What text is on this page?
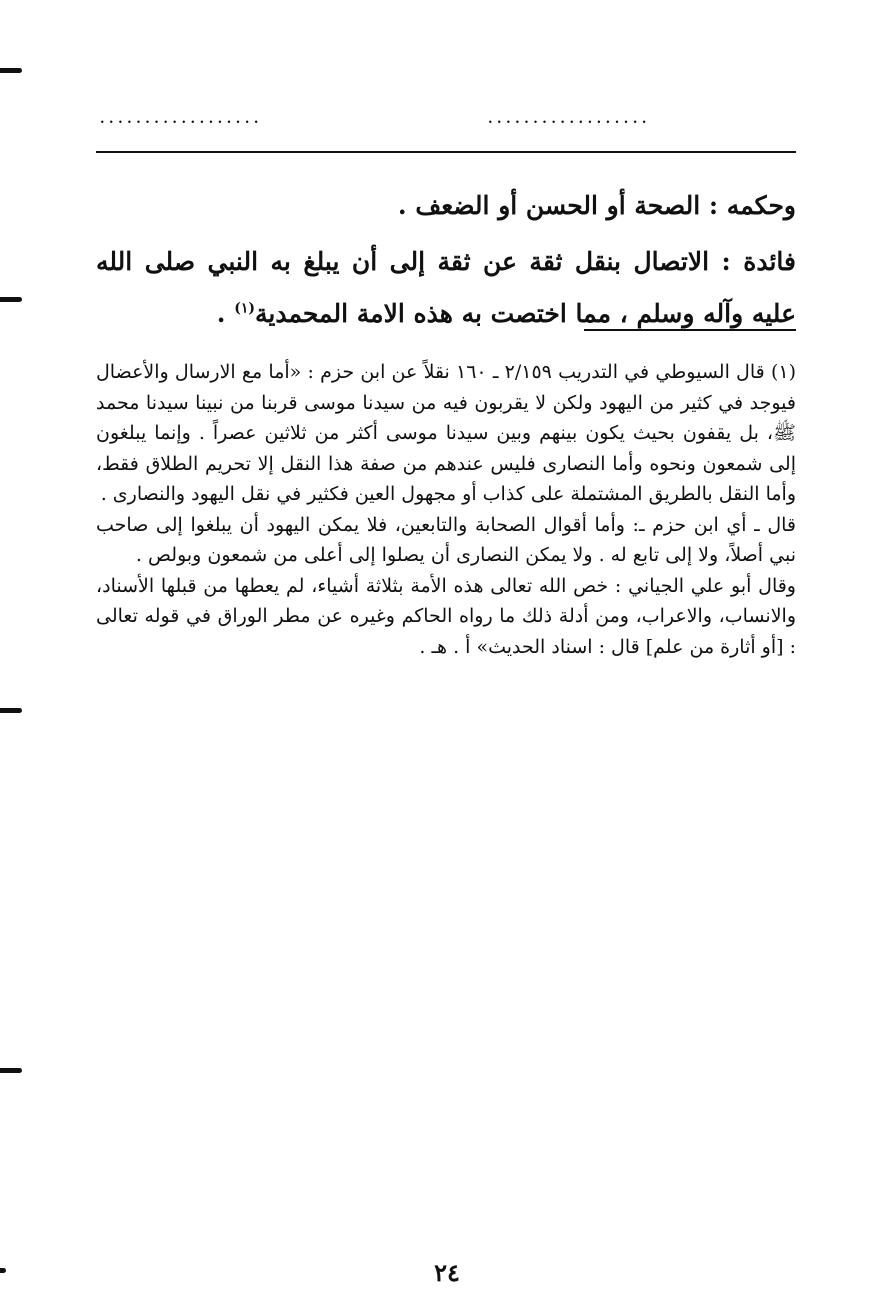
. . . . . . . . . . . . . . . . . .	. . . . . . . . . . . . . . . . . .
وحكمه : الصحة أو الحسن أو الضعف .
فائدة : الاتصال بنقل ثقة عن ثقة إلى أن يبلغ به النبي صلى الله عليه وآله وسلم ، مما اختصت به هذه الامة المحمدية$^{(١)}$ .

(١) قال السيوطي في التدريب ٢/١٥٩ ـ ١٦٠ نقلاً عن ابن حزم : «أما مع الارسال والأعضال فيوجد في كثير من اليهود ولكن لا يقربون فيه من سيدنا موسى قربنا من نبينا سيدنا محمد ﷺ، بل يقفون بحيث يكون بينهم وبين سيدنا موسى أكثر من ثلاثين عصراً . وإنما يبلغون إلى شمعون ونحوه وأما النصارى فليس عندهم من صفة هذا النقل إلا تحريم الطلاق فقط، وأما النقل بالطريق المشتملة على كذاب أو مجهول العين فكثير في نقل اليهود والنصارى .

قال ـ أي ابن حزم ـ: وأما أقوال الصحابة والتابعين، فلا يمكن اليهود أن يبلغوا إلى صاحب نبي أصلاً، ولا إلى تابع له . ولا يمكن النصارى أن يصلوا إلى أعلى من شمعون وبولص .

وقال أبو علي الجياني : خص الله تعالى هذه الأمة بثلاثة أشياء، لم يعطها من قبلها الأسناد، والانساب، والاعراب، ومن أدلة ذلك ما رواه الحاكم وغيره عن مطر الوراق في قوله تعالى : [أو أثارة من علم] قال : اسناد الحديث» أ . هـ .

٢٤
